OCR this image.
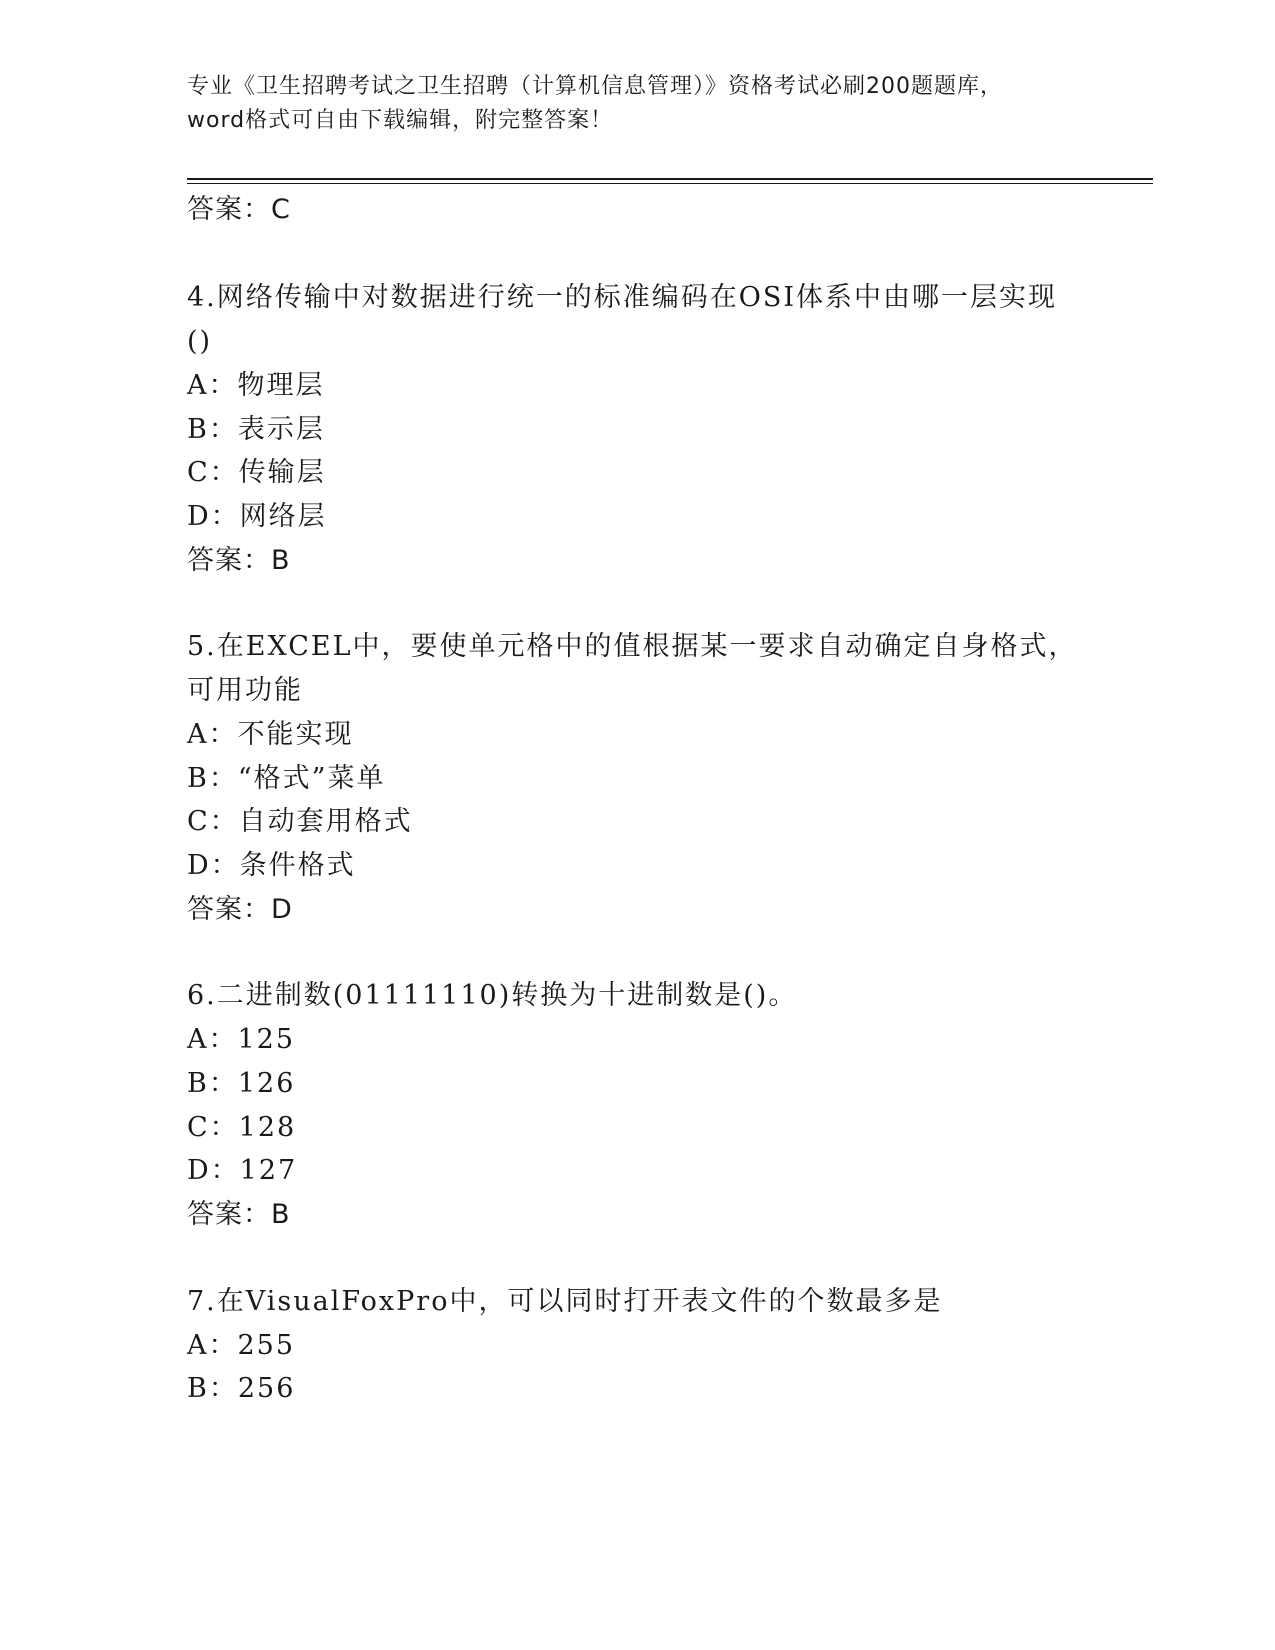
专业《卫生招聘考试之卫生招聘（计算机信息管理）》资格考试必刷200题题库，
word格式可自由下载编辑，附完整答案！
答案：C
4.网络传输中对数据进行统一的标准编码在OSI体系中由哪一层实现
()
A：物理层
B：表示层
C：传输层
D：网络层
答案：B
5.在EXCEL中，要使单元格中的值根据某一要求自动确定自身格式，
可用功能
A：不能实现
B：“格式”菜单
C：自动套用格式
D：条件格式
答案：D
6.二进制数(01111110)转换为十进制数是()。
A：125
B：126
C：128
D：127
答案：B
7.在VisualFoxPro中，可以同时打开表文件的个数最多是
A：255
B：256
